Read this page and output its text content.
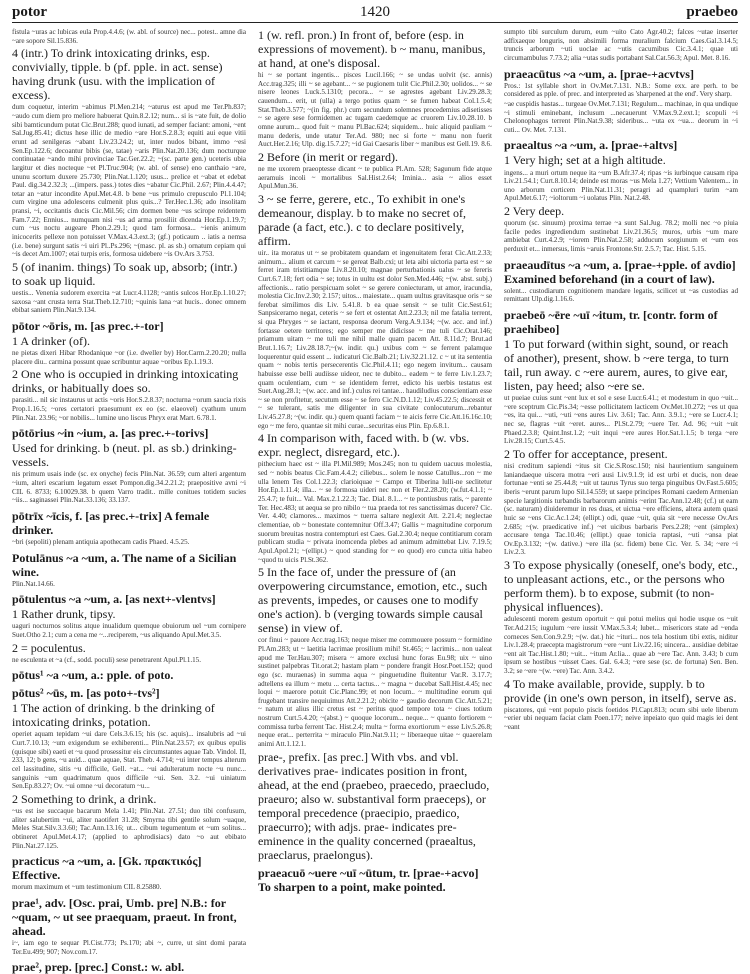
potor	1420	praebeo

fistula ~uras ac lubicas eula Prop.4.4.6; (w. abl. of source) nec... potest.. amne dia ~are sopore Sil.15.836.

4 (intr.) To drink intoxicating drinks, esp. convivially, tipple. b (pf. pple. in act. sense) having drunk (usu. with the implication of excess).

dum coquetur, interim ~abimus Pl.Men.214; ~aturus est apud me Ter.Ph.837; ~audo cum diem pro meliore habuerat Quin.8.2.12; num... si is ~ate fuit, de dolio sibi bamticundum putat Cic.Brut.288; quod iunati, ad semper faciant: amoni, ~ent Sal.Jug.85.41; dictus hese illic de medio ~are Hor.S.2.8.3; equiti aui eque vitii erunt ad senilgeras ~abant Liv.23.24.2; ut, inter nudos bibant, immo ~esi Sen.Ep.122.6; decoantur bibis (se, tatae) ~aris Plin.Nat.20.136; dum nocturque continuatae ~ando mihi provinciae Tac.Ger.22.2; ~(sc. parte gen.) uceteris ubia largitur et dies nocteque ~et Pl.Truc.904; (w. abl. of sense) eno canthaio ~are, ununu scortum duxere 25.730; Plin.Nat.1.120; usus... prelice et ~abat et edebat Paul. dig.34.2.32.3; ...(impers. pass.) totes dies ~abatur Cic.Phil. 2.67; Plin.4.4.47; tetar an ~atur incondite Apul.Met.4.8. b bene ~us primulo crepusculo Pl.1.104; cum virgine una adolescens culmenit plus quis...? Ter.Hec.1.36; ado insolitam pransi, ~i, occitantis ducis Cic.Mil.56; cim dormen bene ~us scirope reidentem Fam.7.22; Ennius... numquam nisi ~us ad arma prosiliit dicenda Hor.Ep.1.19.7; cum ~us noctu augeare Phon.2.29.1; quod tam formosa... ~ienis animum inicocerits pellexe non potuisset V.Max.4.3.ext.3; (gf.) poticaum .. iatis a nemsa (i.e. bene) surgunt satis ~i uiri Pl..Ps.296; ~(masc. pl. as sb.) ornatum cepiam qui ~is decet Am.1007; etai turpis eris, formosa uidebere ~is Ov.Ars 3.753.

5 (of inanim. things) To soak up, absorb; (intr.) to soak up liquid.

uestis... Venenia sudorem exercita ~at Lucr.4.1128; ~antis sulcos Hor.Ep.1.10.27; saxosa ~ant crusta terra Stat.Theb.12.710; ~quinis lana ~at hucis.. donec omnem ebibat saniem Plin.Nat.9.134.

pōtor ~ōris, m. [as prec.+-tor]

1 A drinker (of).

ne pietas dixeri Hibar Rhodanique ~or (i.e. dweller by) Hor.Carm.2.20.20; nulla placere diu.. carmina possunt quae scribuntur aquae ~oribus Ep.1.19.3.

2 One who is occupied in drinking intoxicating drinks, or habitually does so.

parasiti... nil sic instaurus ut actis ~oris Hor.S.2.8.37; nocturna ~orum saucia rixis Prop.1.16.5; ~ores certatori praesumunt ex eo (sc. elaeovel) cyathum unum Plin.Nat. 23.96; ~or nobilis... lumine uno liscus Phryx erat Mart. 6.78.1.

pōtōrius ~in ~ium, a. [as prec.+-torivs]

Used for drinking. b (neut. pl. as sb.) drinking-vessels.

nis primum usais inde (sc. ex onyche) fecis Plin.Nat. 36.59; cum alteri argentum ~ium, alteri escarium legatum esset Pompon.dig.34.2.21.2; praepositive avni ~i CIL 6. 8733; 6.10029.38. b quem Varro tradit.. mille conitues totidem sucies ~iis... saginassei Plin.Nat.33.136; 33.137.

pōtrīx ~īcis, f. [as prec.+-trix] A female drinker.

~bri (sepoliti) plenam antiquia apothecam cadis Phaed. 4.5.25.

Potulānus ~a ~um, a. The name of a Sicilian wine.

Plin.Nat.14.66.

pōtulentus ~a ~um, a. [as next+-vlentvs]

1 Rather drunk, tipsy.

uaguri nocturnos solitus atque inualidum quemque obuiorum uel ~um cornipere Suet.Otho 2.1; cum a cena me ~...reciperem, ~us aliquando Apul.Met.3.5.

2 = poculentus.

ne esculenta et ~a (cf., sodd. poculi) sese penetrarent Apul.Pl.1.15.

pōtus¹ ~a ~um, a.: pple. of poto.

pōtus² ~ūs, m. [as poto+-tvs²]

1 The action of drinking. b the drinking of intoxicating drinks, potation.

operiet aquam tepidam ~ui dare Cels.3.6.15; his (sc. aquis)... insalubris ad ~ui Curt.7.10.13; ~um exigendum se exhiberenti... Plin.Nat.23.57; ex quibus epulis (quisque sibi) eaeti et ~u quod prosessitur eis circumstantes aquae Tab. Vindol. II, 233, 12; b gens, ~u auid... quae aquae, Stat. Theb. 4.714; ~ui inter tempus alterum cel lassitudine, sitis ~u difficile, Gell. ~at... ~ui adulteratum nocte ~u nunc... sanguinis ~um quadrimatum quos difficile ~ui. Sen. 3.2. ~ui uiniatum Sen.Ep.83.27; Ov. ~ui omne ~ui decoratum ~u...

2 Something to drink, a drink.

~us est ise succaque bacarum Mela 1.41; Plin.Nat. 27.51; duo tibi confusum, aliter salubertim ~ui, aliter naotifert 31.28; Smyrna tibi gentile solum ~uaque, Meles Stat.Silv.3.3.60; Tac.Ann.13.16; ut... cibum tegumentum et ~um solitus... obtineret Apul.Met.4.17; (applied to aphrodisiacs) dato ~o aut ebibato Plin.Nat.27.125.

practicus ~a ~um, a. [Gk. πρακτικός] Effective.

morum maximum et ~um testimonium CIL 8.25880.

prae¹, adv. [Osc. prai, Umb. pre] N.B.: for ~quam, ~ ut see praequam, praeut. In front, ahead.

i~, iam ego te sequar Pl.Cist.773; Ps.170; abi ~, curre, ut sint domi parata Ter.Eu.499; 907; Nov.com.17.

prae², prep. [prec.] Const.: w. abl.

1 (w. refl. pron.) In front of, before (esp. in expressions of movement). b ~ manu, manibus, at hand, at one's disposal.

hi ~ se portant ingentis... pisces Lucil.166; ~ se undas uolvit (sc. annis) Acc.trag.325; illi ~ se agebant... ~ se pugionem tulit Cic.Phil.2.30; uolidos... ~ se nisere leones Luck.5.1310; pecora... ~ se agrestes agebant Liv.29.28.3; cauendum... erit, ut (ulla) a tergo potius quam ~ se fumen habeat Col.1.5.4; Stat.Theb.3.577; ~(in fig. phr.) cum secundum solemnes procedemius adisetisses ~ se agere sese formidemen ac tugam caedemque ac cruorem Liv.10.28.10. b omne aurum... quod fuit ~ manu Pl.Bac.624; siquidem... huic aliquid pauliam ~ manu dederis, unde utatur Ter.Ad. 980; nec si forte ~ manu non fuerit Auct.Her.2.16; Ulp. dig.15.7.27; ~id Gai Caesaris liber ~ manibus est Gell.19. 8.6.

2 Before (in merit or regard).

ne me uxorem praeoptesse dicant ~ te publica Pl.Am. 528; Sagunum fide atque aeramuis incoli ~ mortalibus Sal.Hist.2.64; Iminia... asia ~ alios esset Apul.Mun.36.

3 ~ se ferre, gerere, etc., To exhibit in one's demeanour, display. b to make no secret of, parade (a fact, etc.). c to declare positively, affirm.

uir.. ita moratus ut ~ se probitatem quandam et ingenuitatem ferat Cic.Att.2.33; animum... alium et carcum ~ se gereat Balb.cxi; ut leta aibi uictoria parta est ~ se ferret iram tristitiamque Liv.8.20.10; magnae perturbationis ualus ~ se fereris Curt.6.7.18; fert odia ~ se; totus in uultu est dolor Sen.Med.446; ~(w. abst. subj.) affectionis... ratio perspicuam solet ~ se gerere coniecturam, ut amor, iracundia, molestia Cic.Inv.2.30; 2.157; uitos... maiestate... quam uultus gravitasque oris ~ se ferebat similimos dis Liv. 5.41.8. b ea quae sensit ~ se tulit Cic.Sest.61; Sanpsiceramo negat, ceteris ~ se fert et ostentat Att.2.23.3; nil me fatalia terrent, si qua Phryges ~ se iactant, responsa deorum Verg.A.9.134; ~(w. acc. and inf.) fortasse oetere territores; ego semper me didicisse ~ me tuli Cic.Orat.146; priamum uitam ~ me tuli me nihil malle quam pacem Att. 8.11d.7; Brut.ad Brut.1.16.7; Liv.28.18.7;~(w. indir. qu.) uxibus com ~ se ferrent palamque loquerentur quid essent ... iudicaturi Cic.Balb.21; Liv.32.21.12. c ~ ut ita sententia quam ~ nobis tertis persecerentis Cic.Phil.4.11; ego negem invitum... causam habuisse esse belli audiisse uideor, nec te dubito... eadem ~ te ferre Liv.1.23.7; quam oculentiam, cum ~ se identidem ferret, edicto his uerbis testatus est Suet.Aug.28.1; ~(w. acc. and inf.) culus rei tantae... haudiludius conscientiam esse ~ se non profitetur, secutum esse ~ se fero Cic.N.D.1.12; Liv.45.22.5; discessit et ~ se tulerant, satis me diligenter in sua civitate conlocuturum...rebantur Liv.45.27.8; ~(w. indir. qu.) quem quanti faciam ~ te aicis ferre Cic.Att.16.16c.10; ego ~ me fero, quantae sit mihi curae...securitas eius Plin. Ep.6.8.1.

4 In comparison with, faced with. b (w. vbs. expr. neglect, disregard, etc.).

pithecium haec est ~ illa Pl.Mil.989; Mos.245; non tu quidem uacuus molestia, sed ~ nobis beatus Cic.Fam.4.4.2; ciliebus... solem le nosse Catullus...ron ~ me ulla lenem Tes Col.1.22.3; clarioiquae ~ Campo et Tiberina lulli-ne seclitetur Hor.Ep.1.11.4; illa... ~ se formosa uideri nec non et Fler.2.28.20; (w.fut.4.1.1; ~ 25.4.7; te fuit... Val. Max.2.1.22.3; Tac. Dial. 8.1... ~ te pontiusbus ratis, ~ parente Ter. Hec.483; ut aequa se pro nibilo ~ tua praeda tot res sanctissimas ducere? Cic. Ver. 4.40; clamores... maximos ~ tuerra saltare neglexit Att. 2.21.4; neglectae clementiae, ob ~ bonestate contemnitur Off.3.47; Gallis ~ magnitudine corporum suorum breuitas nostra contempturi est Caes. Gal.2.30.4; neque contitiarum coram publicam studia ~ privata inomcenda plebes ad animum admittebat Liv. 7.19.5; Apul.Apol.21; ~(ellipt.) ~ quod standing for ~ eo quod) ero cuncta uitia habeo ~quod tu uicis Pl.St.362.

5 In the face of, under the pressure of (an overpowering circumstance, emotion, etc., such as prevents, impedes, or causes one to modify one's action). b (verging towards simple causal sense) in view of.

cor finui ~ pauore Acc.trag.163; neque miser me commouere possum ~ formidine Pl.Am.283; ut ~ laetitia lacrimae prosilium mihi! St.465; ~ lacrimis... non ualeat apud me Ter.Hau.307; misera ~ amore exclusi hunc foras Eu.98; uix ~ uino sustinet palpebras Tit.orat.2; hastam plam ~ pondere frangit Hosr.Poet.152; quod ego (sc. muraenas) in summa aqua ~ pinguetudine fluitentur Var.R. 3.17.7; adtellens ea illum ~ metu ... certa tactus... ~ magna ~ ducebat Sall.Hist.4.45; nec loqui ~ maerore potuit Cic.Planc.99; et non locum.. ~ multitudine eorum qui frugebant transire nequiuimus Att.2.21.2; obicite ~ gaudio decorum Cic.Att.5.21; ~ natum ut alius illic cretus est ~ peritus quod tempore tota ~ ciues totium nostrum Curt.5.4.20; ~(abst.) ~ quoque locorum... neque... ~ quanto fortiorem ~ commissa turba ferrent Tac. Hist.2.4; multa ~ forma exortiorum ~ esse Liv.5.26.8; neque erat... perterrita ~ miraculo Plin.Nat.9.11; ~ liberaeque uitae ~ quaerelam animi Att.1.12.1.

prae-, prefix. [as prec.] With vbs. and vbl. derivatives prae- indicates position in front, ahead, at the end (praebeo, praecedo, praecludo, praeuro; also w. substantival form praeceps), or temporal precedence (praecipio, praedico, praecurro); with adjs. prae- indicates pre-eminence in the quality concerned (praealtus, praeclarus, praelongus).

praeacuō ~uere ~uī ~ūtum, tr. [prae-+acvo] To sharpen to a point, make pointed.

sumpto tibi surculum durum, eum ~uito Cato Agr.40.2; falces ~utae inserter adfixaeque longuris, non absimili forma muralium falcium Caes.Gal.3.14.5; truncis arborum ~uti uoclae ac ~utis cacumibus Cic.3.4.1; quae uti circumambulus 7.73.2; alia ~utas sudis portabant Sal.Cat.56.3; Apul. Met. 8.16.

praeacūtus ~a ~um, a. [prae-+acvtvs]

Pros.: 1st syllable short in Ov.Met.7.131. N.B.: Some exx. are perh. to be considered as pple. of prec. and interpreted as 'sharpened at the end'. Very sharp.

~ae cuspidis hastas... turgeae Ov.Met.7.131; Regulum... machinae, in qua undique ~i stimuli eminebant, inclusum ...necauerunt V.Max.9.2.ext.1; scopuli ~i Chelonophagos terrent Plin.Nat.9.38; sideribus... ~uta ex ~ua... deorum in ~i cuti... Ov. Met. 7.131.

praealtus ~a ~um, a. [prae-+altvs]

1 Very high; set at a high altitude.

ingens... a muri ortum neque ita ~um B.Afr.37.4; ripas ~is iurbinque causam ripa Liv.21.54.1; Curt.8.10.14; deinde est moras ~us Mela 1.27; Vettium Valentem... in uno arborum corticem Plin.Nat.11.31; peragri ad quampluri turim ~am Apul.Met.6.17; ~ioltorum ~i uolatus Plin. Nat.2.48.

2 Very deep.

quorum (sc. sinuum) proxima terrae ~a sunt Sal.Jug. 78.2; molli nec ~o piuia facile pedes ingrediendum sustinebat Liv.21.36.5; muros, urbis ~um mare ambiebat Curt.4.2.9; ~iorem Plin.Nat.2.58; adducum sorgiunum et ~um eos perduxit et... inmersus, limis ~aruis Frontone.Str. 2.5.7; Tac. Hist. 5.15.

praeaudītus ~a ~um, a. [prae-+pple. of avdio] Examined beforehand (in a court of law).

solent... custodiarum cognitionem mandare legatis, scilicet ut ~as custodias ad remittant Ulp.dig.1.16.6.

praebeō ~ēre ~uī ~itum, tr. [contr. form of praehibeo]

1 To put forward (within sight, sound, or reach of another), present, show. b ~ere terga, to turn tail, run away. c ~ere aurem, aures, to give ear, listen, pay heed; also ~ere se.

ut pueiae cuius sunt ~ent lux et sol e sese Lucr.6.41.; et modestum in quo ~uit... ~ere sceptrum Cic.Pis.34; ~esse pollicitatem lacticem Ov.Met.10.272; ~es ut qua ~es, ita qui... ~uti, ~uti ~ens aures Liv. 3.61; Tac. Ann. 3.9.1.; ~ere se Lucr.4.1; nec se, flagras ~uit ~eret. aures... Pl.St.2.79; ~uere Ter. Ad. 96; ~uit ~uit Phaed.2.3.8; Quint.Inst.1.2; ~uit inqui ~ere aures Hor.Sat.1.1.5; b terga ~ere Liv.28.15; Curt.5.4.5.

2 To offer for acceptance, present.

nisi creditum sapiendi ~itus sit Cic.S.Rosc.150; nisi haurientium sanguinem laniandaeque uiscera motra ~eri ausi Liv.9.1.9; id est urbi et ducis, non deae fortunae ~enti se 25.44.8; ~uit ut taurus Tyrus suo terga pinguibus Ov.Fast.5.605; iberis ~erunt parum lupo Sil.14.559; ut saepe principes Romani caedem Armenian specie largitionis turbandis barbarorum animis ~erint Tac.Ann.12.48; (cf.) ut eam (sc. naturam) diuideremur in res duas, et uictua ~ere efficiens, altera autem quasi huic se ~ens Cic.Ac.1.24; (ellipt.) odi, quae ~uit, quia sit ~ere necesse Ov.Ars 2.685; ~(w. praedicative inf.) ~et uicibus barbaris Pers.2.28; ~ent (simplex) accusare tenga Tac.10.46; (ellipt.) quae tonicia raptasi, ~uti ~ansa piat Ov.Ep.3.132; ~(w. dative.) ~ere illa (sc. fidem) bene Cic. Ver. 5. 34; ~ere ~i Liv.2.3.

3 To expose physically (oneself, one's body, etc., to unpleasant actions, etc., or the persons who perform them). b to expose, submit (to non-physical influences).

adulescenti morem gestum oportuit ~ qui potui melius qui hodie usque os ~uit Ter.Ad.215; iugulum ~ere iussit V.Max.5.3.4; lubet... misericors state ad ~enda corneces Sen.Con.9.2.9; ~(w. dat.) hic ~ituri... nos tela hostium tibi extis, niditur Liv.1.28.4; praecepta magistrorum ~ere ~unt Liv.22.16; uincera... ausidiae debitae ~ent ait Tac.Hist.1.80; ~uit... ~itum Ar.lia... quae ab ~ere Tac. Ann. 3.43; b cum ipsum se hostibus ~uisset Caes. Gal. 6.4.3; ~ere sese (sc. de fortuna) Sen. Ben. 3.2; se ~ere ~(w. ~ere) Tac. Ann. 3.4.2.

4 To make available, provide, supply. b to provide (in one's own person, in itself), serve as.

piscatores, qui ~ent populo piscis foetidos Pl.Capt.813; ocum sibi uele liberum ~erier ubi nequam faciat clam Poen.177; neive inpeiato quo quid magis iei dent ~eant
